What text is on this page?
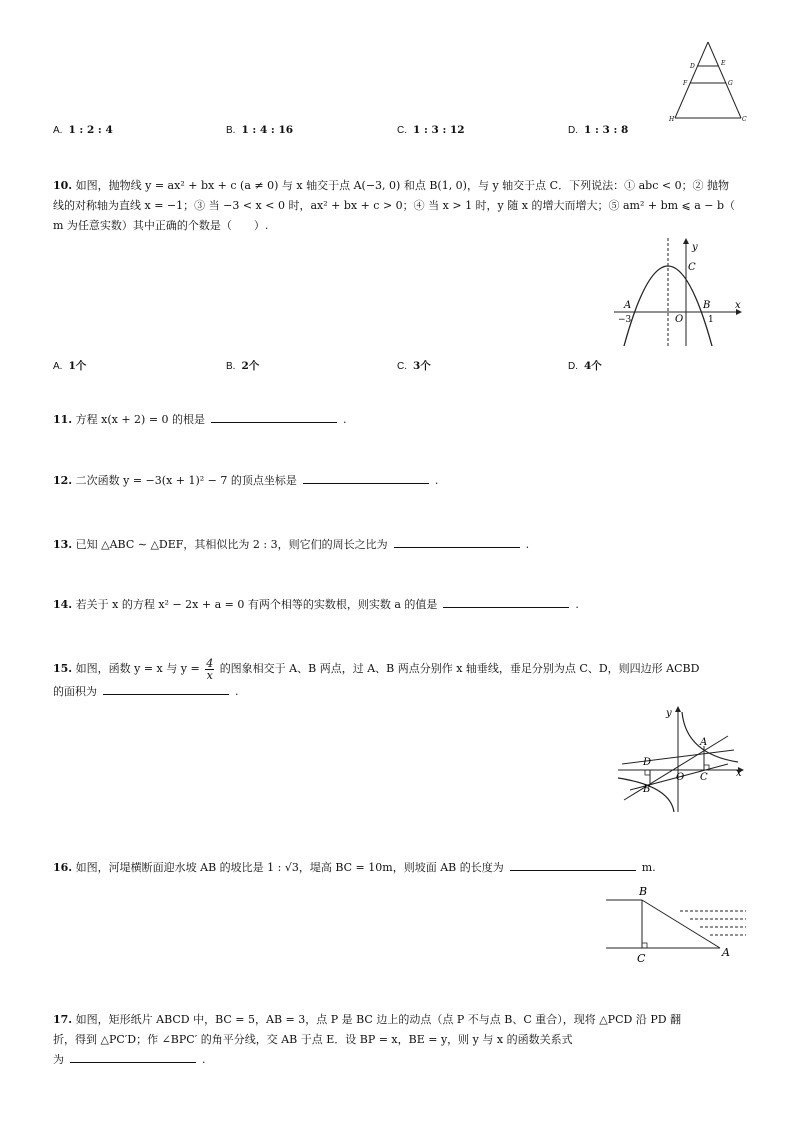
D	E
F	G
H	C
A. 1 : 2 : 4	B. 1 : 4 : 16	C. 1 : 3 : 12	D. 1 : 3 : 8
10. 如图，抛物线 y = ax² + bx + c (a ≠ 0) 与 x 轴交于点 A(−3, 0) 和点 B(1, 0)，与 y 轴交于点 C．下列说法：① abc < 0；② 抛物
线的对称轴为直线 x = −1；③ 当 −3 < x < 0 时，ax² + bx + c > 0；④ 当 x > 1 时，y 随 x 的增大而增大；⑤ am² + bm ⩽ a − b（
m 为任意实数）其中正确的个数是（　　）.
y
C
A	B
−3	O	1
x
A. 1个	B. 2个	C. 3个	D. 4个
11. 方程 x(x + 2) = 0 的根是	.
12. 二次函数 y = −3(x + 1)² − 7 的顶点坐标是	.
13. 已知 △ABC ∼ △DEF，其相似比为 2 : 3，则它们的周长之比为	.
14. 若关于 x 的方程 x² − 2x + a = 0 有两个相等的实数根，则实数 a 的值是	.
15. 如图，函数 y = x 与 $y = \frac{4}{x}$ 的图象相交于 A、B 两点，过 A、B 两点分别作 x 轴垂线，垂足分别为点 C、D，则四边形 ACBD
的面积为	.
y
A
D
O C
B
x
16. 如图，河堤横断面迎水坡 AB 的坡比是 1 : √3，堤高 BC = 10m，则坡面 AB 的长度为	m.
B
C	A
17. 如图，矩形纸片 ABCD 中，BC = 5，AB = 3，点 P 是 BC 边上的动点（点 P 不与点 B、C 重合），现将 △PCD 沿 PD 翻
折，得到 △PC′D；作 ∠BPC′ 的角平分线，交 AB 于点 E．设 BP = x，BE = y，则 y 与 x 的函数关系式
为	.
